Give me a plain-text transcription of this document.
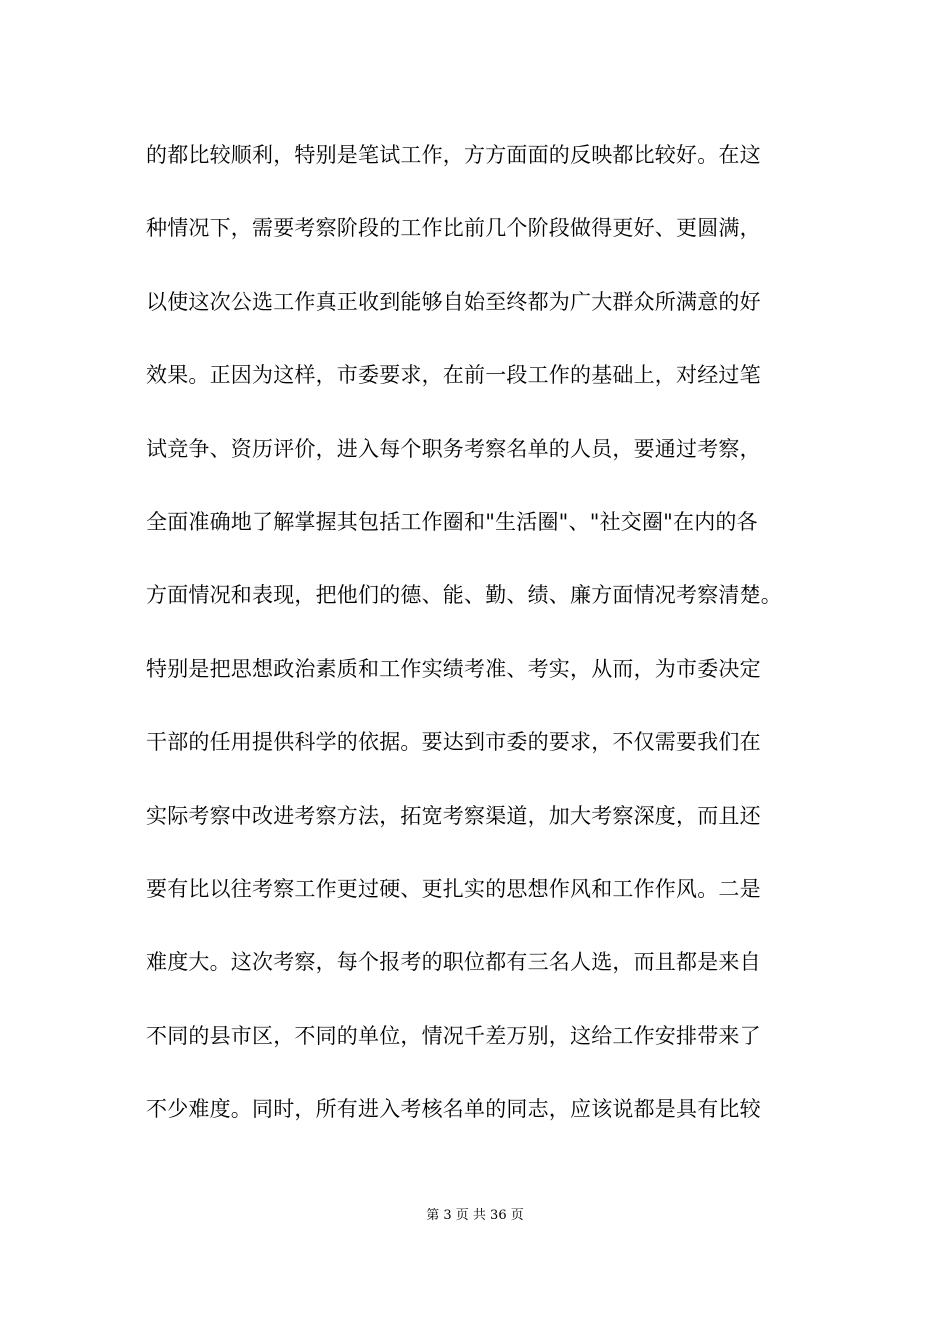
的都比较顺利，特别是笔试工作，方方面面的反映都比较好。在这
种情况下，需要考察阶段的工作比前几个阶段做得更好、更圆满，
以使这次公选工作真正收到能够自始至终都为广大群众所满意的好
效果。正因为这样，市委要求，在前一段工作的基础上，对经过笔
试竞争、资历评价，进入每个职务考察名单的人员，要通过考察，
全面准确地了解掌握其包括工作圈和"生活圈"、"社交圈"在内的各
方面情况和表现，把他们的德、能、勤、绩、廉方面情况考察清楚。
特别是把思想政治素质和工作实绩考准、考实，从而，为市委决定
干部的任用提供科学的依据。要达到市委的要求，不仅需要我们在
实际考察中改进考察方法，拓宽考察渠道，加大考察深度，而且还
要有比以往考察工作更过硬、更扎实的思想作风和工作作风。二是
难度大。这次考察，每个报考的职位都有三名人选，而且都是来自
不同的县市区，不同的单位，情况千差万别，这给工作安排带来了
不少难度。同时，所有进入考核名单的同志，应该说都是具有比较
第 3 页 共 36 页
